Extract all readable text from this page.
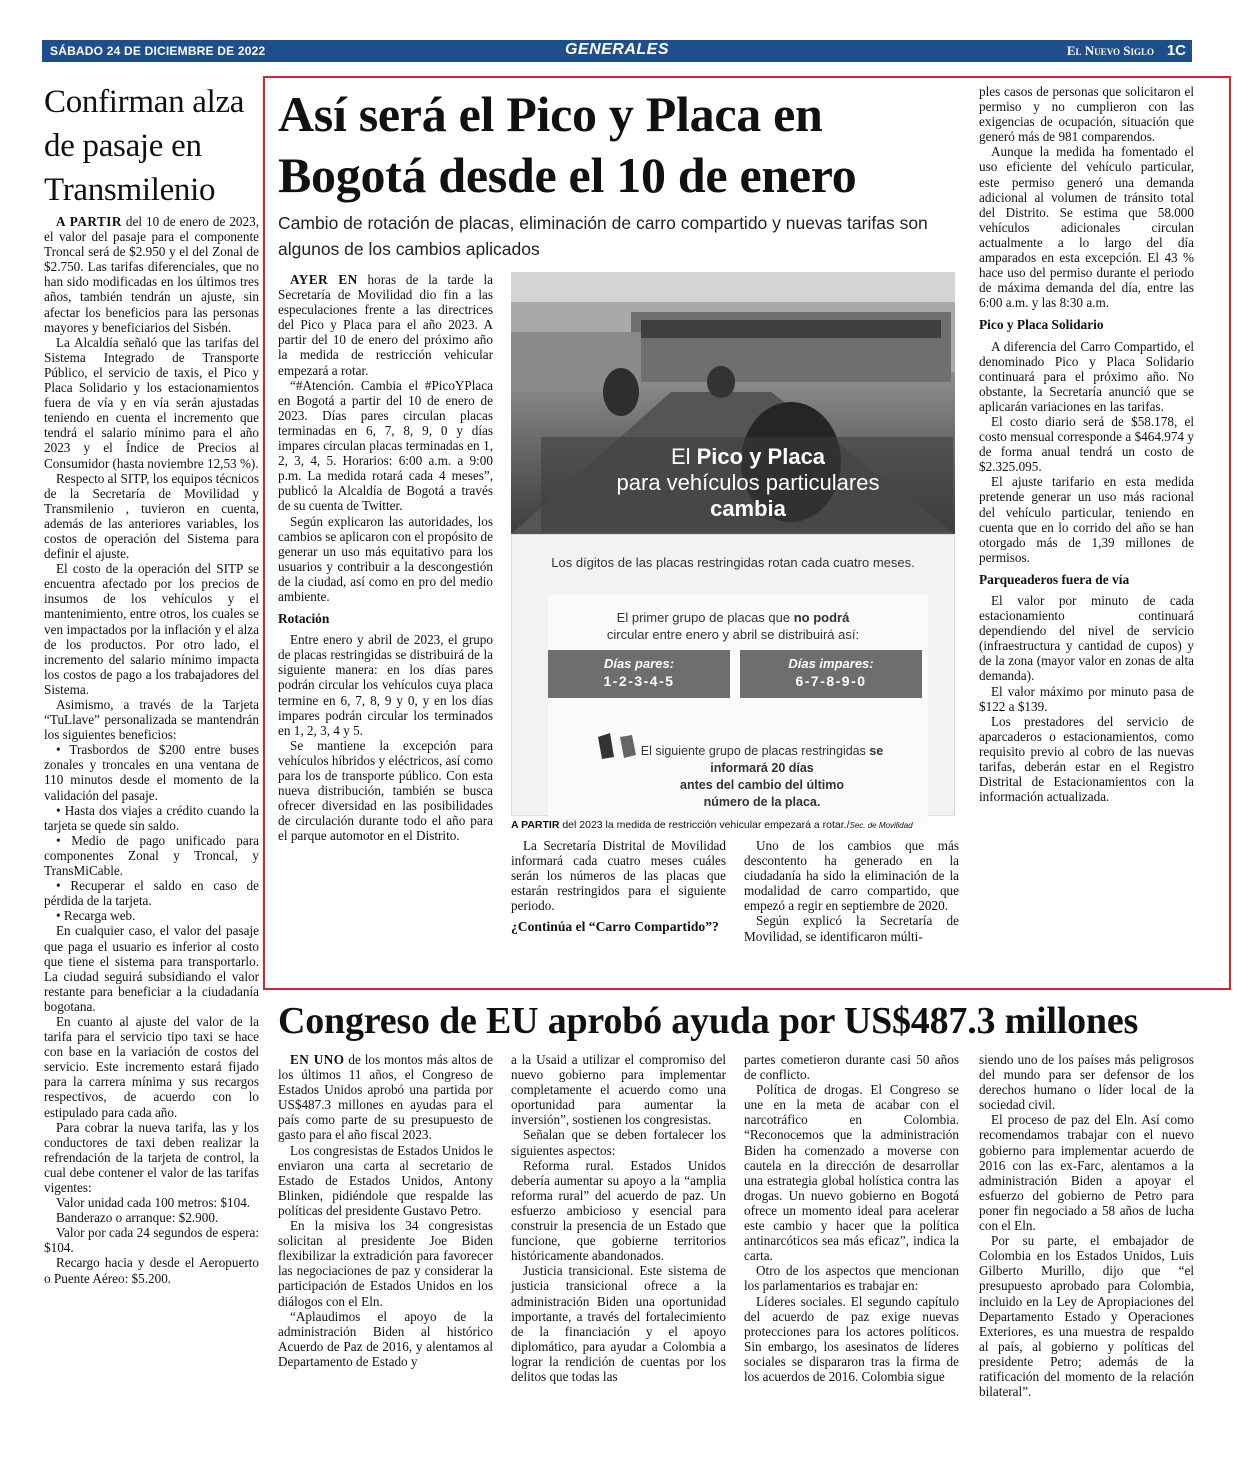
SÁBADO 24 DE DICIEMBRE DE 2022	GENERALES	El Nuevo Siglo 1C
Confirman alza de pasaje en Transmilenio

A PARTIR del 10 de enero de 2023, el valor del pasaje para el componente Troncal será de $2.950 y el del Zonal de $2.750. Las tarifas diferenciales, que no han sido modificadas en los últimos tres años, también tendrán un ajuste, sin afectar los beneficios para las personas mayores y beneficiarios del Sisbén.

La Alcaldía señaló que las tarifas del Sistema Integrado de Transporte Público, el servicio de taxis, el Pico y Placa Solidario y los estacionamientos fuera de vía y en vía serán ajustadas teniendo en cuenta el incremento que tendrá el salario mínimo para el año 2023 y el Índice de Precios al Consumidor (hasta noviembre 12,53 %).

Respecto al SITP, los equipos técnicos de la Secretaría de Movilidad y Transmilenio , tuvieron en cuenta, además de las anteriores variables, los costos de operación del Sistema para definir el ajuste.

El costo de la operación del SITP se encuentra afectado por los precios de insumos de los vehículos y el mantenimiento, entre otros, los cuales se ven impactados por la inflación y el alza de los productos. Por otro lado, el incremento del salario mínimo impacta los costos de pago a los trabajadores del Sistema.

Asimismo, a través de la Tarjeta “TuLlave” personalizada se mantendrán los siguientes beneficios:

• Trasbordos de $200 entre buses zonales y troncales en una ventana de 110 minutos desde el momento de la validación del pasaje.

• Hasta dos viajes a crédito cuando la tarjeta se quede sin saldo.

• Medio de pago unificado para componentes Zonal y Troncal, y TransMiCable.

• Recuperar el saldo en caso de pérdida de la tarjeta.

• Recarga web.

En cualquier caso, el valor del pasaje que paga el usuario es inferior al costo que tiene el sistema para transportarlo. La ciudad seguirá subsidiando el valor restante para beneficiar a la ciudadanía bogotana.

En cuanto al ajuste del valor de la tarifa para el servicio tipo taxi se hace con base en la variación de costos del servicio. Este incremento estará fijado para la carrera mínima y sus recargos respectivos, de acuerdo con lo estipulado para cada año.

Para cobrar la nueva tarifa, las y los conductores de taxi deben realizar la refrendación de la tarjeta de control, la cual debe contener el valor de las tarifas vigentes:

Valor unidad cada 100 metros: $104.

Banderazo o arranque: $2.900.

Valor por cada 24 segundos de espera: $104.

Recargo hacia y desde el Aeropuerto o Puente Aéreo: $5.200.

Así será el Pico y Placa en Bogotá desde el 10 de enero
Cambio de rotación de placas, eliminación de carro compartido y nuevas tarifas son algunos de los cambios aplicados

AYER EN horas de la tarde la Secretaría de Movilidad dio fin a las especulaciones frente a las directrices del Pico y Placa para el año 2023. A partir del 10 de enero del próximo año la medida de restricción vehicular empezará a rotar.

“#Atención. Cambia el #PicoYPlaca en Bogotá a partir del 10 de enero de 2023. Días pares circulan placas terminadas en 6, 7, 8, 9, 0 y días impares circulan placas terminadas en 1, 2, 3, 4, 5. Horarios: 6:00 a.m. a 9:00 p.m. La medida rotará cada 4 meses”, publicó la Alcaldía de Bogotá a través de su cuenta de Twitter.

Según explicaron las autoridades, los cambios se aplicaron con el propósito de generar un uso más equitativo para los usuarios y contribuir a la descongestión de la ciudad, así como en pro del medio ambiente.

Rotación

Entre enero y abril de 2023, el grupo de placas restringidas se distribuirá de la siguiente manera: en los días pares podrán circular los vehículos cuya placa termine en 6, 7, 8, 9 y 0, y en los días impares podrán circular los terminados en 1, 2, 3, 4 y 5.

Se mantiene la excepción para vehículos híbridos y eléctricos, así como para los de transporte público. Con esta nueva distribución, también se busca ofrecer diversidad en las posibilidades de circulación durante todo el año para el parque automotor en el Distrito.

El Pico y Placa
para vehículos particulares
cambia
Los dígitos de las placas restringidas rotan cada cuatro meses.
El primer grupo de placas que no podrá
circular entre enero y abril se distribuirá así:
Días pares:
1-2-3-4-5
Días impares:
6-7-8-9-0
El siguiente grupo de placas restringidas se informará 20 días
antes del cambio del último
número de la placa.
A PARTIR del 2023 la medida de restricción vehicular empezará a rotar./Sec. de Movilidad

La Secretaría Distrital de Movilidad informará cada cuatro meses cuáles serán los números de las placas que estarán restringidos para el siguiente periodo.

¿Continúa el “Carro Compartido”?

Uno de los cambios que más descontento ha generado en la ciudadanía ha sido la eliminación de la modalidad de carro compartido, que empezó a regir en septiembre de 2020.

Según explicó la Secretaría de Movilidad, se identificaron múlti-

ples casos de personas que solicitaron el permiso y no cumplieron con las exigencias de ocupación, situación que generó más de 981 comparendos.

Aunque la medida ha fomentado el uso eficiente del vehículo particular, este permiso generó una demanda adicional al volumen de tránsito total del Distrito. Se estima que 58.000 vehículos adicionales circulan actualmente a lo largo del día amparados en esta excepción. El 43 % hace uso del permiso durante el periodo de máxima demanda del día, entre las 6:00 a.m. y las 8:30 a.m.

Pico y Placa Solidario

A diferencia del Carro Compartido, el denominado Pico y Placa Solidario continuará para el próximo año. No obstante, la Secretaría anunció que se aplicarán variaciones en las tarifas.

El costo diario será de $58.178, el costo mensual corresponde a $464.974 y de forma anual tendrá un costo de $2.325.095.

El ajuste tarifario en esta medida pretende generar un uso más racional del vehículo particular, teniendo en cuenta que en lo corrido del año se han otorgado más de 1,39 millones de permisos.

Parqueaderos fuera de vía

El valor por minuto de cada estacionamiento continuará dependiendo del nivel de servicio (infraestructura y cantidad de cupos) y de la zona (mayor valor en zonas de alta demanda).

El valor máximo por minuto pasa de $122 a $139.

Los prestadores del servicio de aparcaderos o estacionamientos, como requisito previo al cobro de las nuevas tarifas, deberán estar en el Registro Distrital de Estacionamientos con la información actualizada.

Congreso de EU aprobó ayuda por US$487.3 millones

EN UNO de los montos más altos de los últimos 11 años, el Congreso de Estados Unidos aprobó una partida por US$487.3 millones en ayudas para el país como parte de su presupuesto de gasto para el año fiscal 2023.

Los congresistas de Estados Unidos le enviaron una carta al secretario de Estado de Estados Unidos, Antony Blinken, pidiéndole que respalde las políticas del presidente Gustavo Petro.

En la misiva los 34 congresistas solicitan al presidente Joe Biden flexibilizar la extradición para favorecer las negociaciones de paz y considerar la participación de Estados Unidos en los diálogos con el Eln.

“Aplaudimos el apoyo de la administración Biden al histórico Acuerdo de Paz de 2016, y alentamos al Departamento de Estado y

a la Usaid a utilizar el compromiso del nuevo gobierno para implementar completamente el acuerdo como una oportunidad para aumentar la inversión”, sostienen los congresistas.

Señalan que se deben fortalecer los siguientes aspectos:

Reforma rural. Estados Unidos debería aumentar su apoyo a la “amplia reforma rural” del acuerdo de paz. Un esfuerzo ambicioso y esencial para construir la presencia de un Estado que funcione, que gobierne territorios históricamente abandonados.

Justicia transicional. Este sistema de justicia transicional ofrece a la administración Biden una oportunidad importante, a través del fortalecimiento de la financiación y el apoyo diplomático, para ayudar a Colombia a lograr la rendición de cuentas por los delitos que todas las

partes cometieron durante casi 50 años de conflicto.

Política de drogas. El Congreso se une en la meta de acabar con el narcotráfico en Colombia. “Reconocemos que la administración Biden ha comenzado a moverse con cautela en la dirección de desarrollar una estrategia global holística contra las drogas. Un nuevo gobierno en Bogotá ofrece un momento ideal para acelerar este cambio y hacer que la política antinarcóticos sea más eficaz”, indica la carta.

Otro de los aspectos que mencionan los parlamentarios es trabajar en:

Líderes sociales. El segundo capítulo del acuerdo de paz exige nuevas protecciones para los actores políticos. Sin embargo, los asesinatos de líderes sociales se dispararon tras la firma de los acuerdos de 2016. Colombia sigue

siendo uno de los países más peligrosos del mundo para ser defensor de los derechos humano o líder local de la sociedad civil.

El proceso de paz del Eln. Así como recomendamos trabajar con el nuevo gobierno para implementar acuerdo de 2016 con las ex-Farc, alentamos a la administración Biden a apoyar el esfuerzo del gobierno de Petro para poner fin negociado a 58 años de lucha con el Eln.

Por su parte, el embajador de Colombia en los Estados Unidos, Luis Gilberto Murillo, dijo que “el presupuesto aprobado para Colombia, incluido en la Ley de Apropiaciones del Departamento Estado y Operaciones Exteriores, es una muestra de respaldo al país, al gobierno y políticas del presidente Petro; además de la ratificación del momento de la relación bilateral”.
